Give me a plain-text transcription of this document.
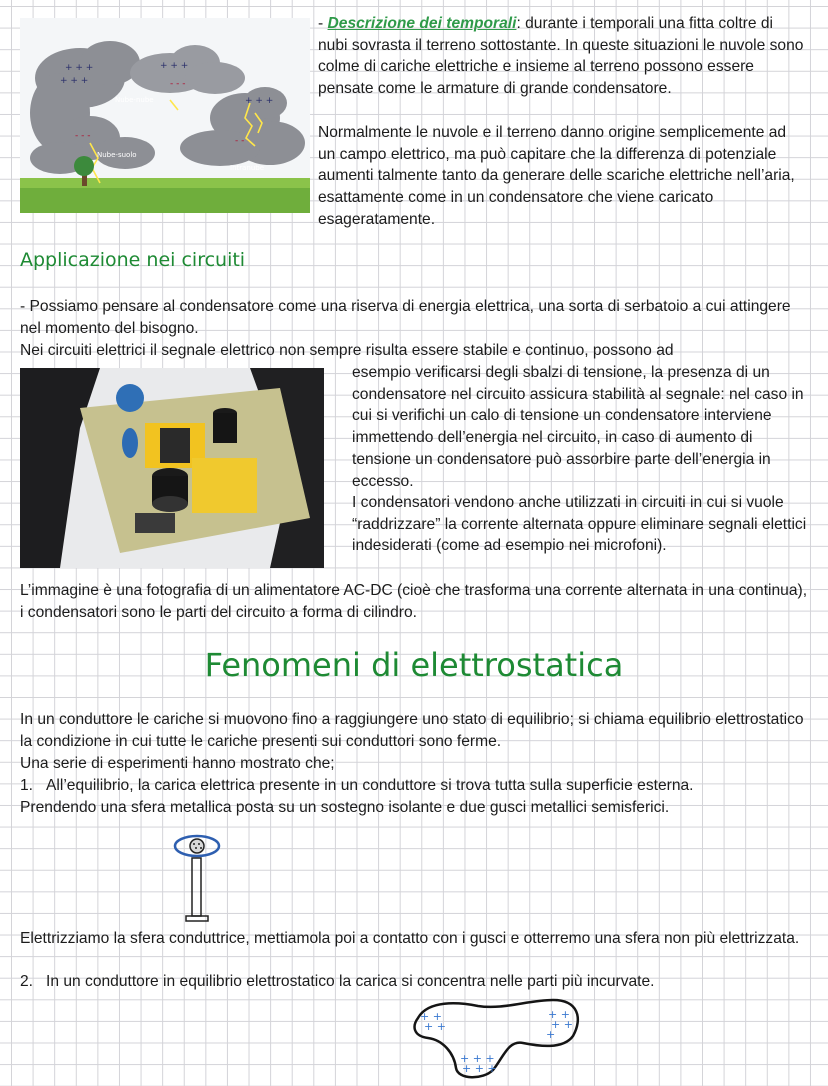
+ + +
+ + +
+ + +
+ + +
- - -
- - -
- - -
Nube-nube
Nube-suolo
Intranube

- Descrizione dei temporali: durante i temporali una fitta coltre di nubi sovrasta il terreno sottostante. In queste situazioni le nuvole sono colme di cariche elettriche e insieme al terreno possono essere pensate come le armature di grande condensatore.

Normalmente le nuvole e il terreno danno origine semplicemente ad un campo elettrico, ma può capitare che la differenza di potenziale aumenti talmente tanto da generare delle scariche elettriche nell’aria, esattamente come in un condensatore che viene caricato esageratamente.

Applicazione nei circuiti

- Possiamo pensare al condensatore come una riserva di energia elettrica, una sorta di serbatoio a cui attingere nel momento del bisogno.

Nei circuiti elettrici il segnale elettrico non sempre risulta essere stabile e continuo, possono ad

esempio verificarsi degli sbalzi di tensione, la presenza di un condensatore nel circuito assicura stabilità al segnale: nel caso in cui si verifichi un calo di tensione un condensatore interviene immettendo dell’energia nel circuito, in caso di aumento di tensione un condensatore può assorbire parte dell’energia in eccesso.

I condensatori vendono anche utilizzati in circuiti in cui si vuole “raddrizzare” la corrente alternata oppure eliminare segnali elettici indesiderati (come ad esempio nei microfoni).

L’immagine è una fotografia di un alimentatore AC-DC (cioè che trasforma una corrente alternata in una continua), i condensatori sono le parti del circuito a forma di cilindro.

Fenomeni di elettrostatica

In un conduttore le cariche si muovono fino a raggiungere uno stato di equilibrio; si chiama equilibrio elettrostatico la condizione in cui tutte le cariche presenti sui conduttori sono ferme.

Una serie di esperimenti hanno mostrato che;

1. All’equilibrio, la carica elettrica presente in un conduttore si trova tutta sulla superficie esterna.

Prendendo una sfera metallica posta su un sostegno isolante e due gusci metallici semisferici.

Elettrizziamo la sfera conduttrice, mettiamola poi a contatto con i gusci e otterremo una sfera non più elettrizzata.

2. In un conduttore in equilibrio elettrostatico la carica si concentra nelle parti più incurvate.

+ +
+ +
+ +
+ +
+
+ + +
+ + +
